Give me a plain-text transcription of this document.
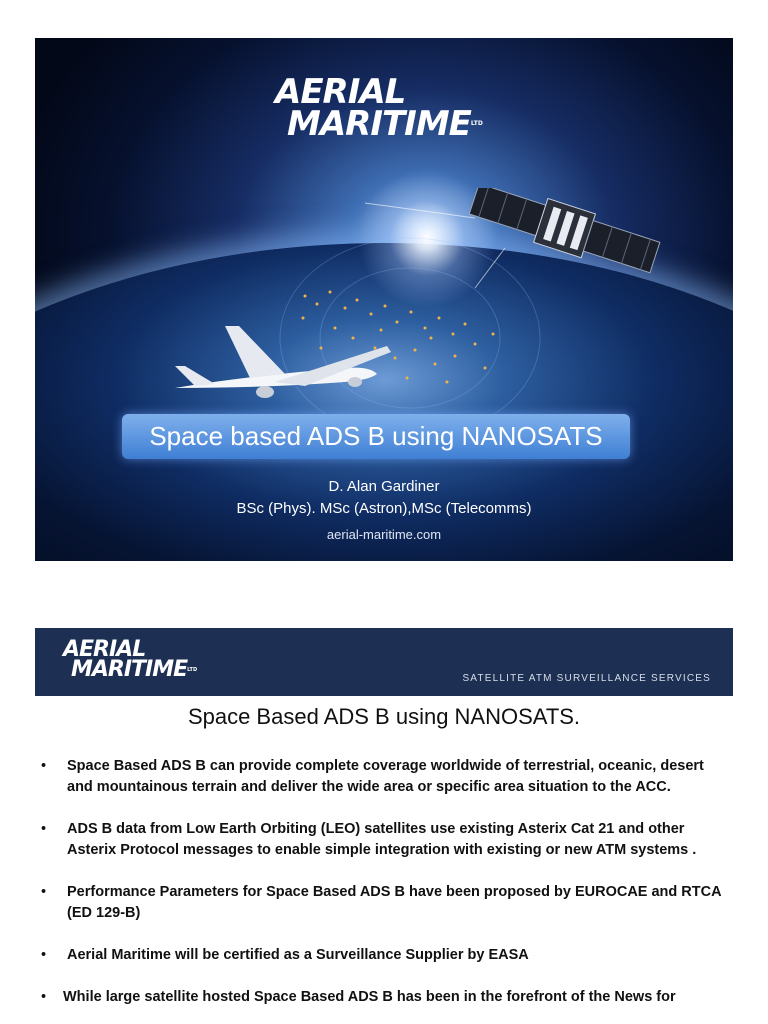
AERIAL
$MARITIME^{LTD}$
Space based ADS B using NANOSATS
D. Alan Gardiner
BSc (Phys). MSc (Astron),MSc (Telecomms)
aerial-maritime.com
AERIAL
$MARITIME^{LTD}$
SATELLITE ATM SURVEILLANCE SERVICES
Space Based ADS B using NANOSATS.
• Space Based ADS B can provide complete coverage worldwide of terrestrial, oceanic, desert and mountainous terrain and deliver the wide area or specific area situation to the ACC.
• ADS B data from Low Earth Orbiting (LEO) satellites use existing Asterix Cat 21 and other Asterix Protocol messages to enable simple integration with existing or new ATM systems .
• Performance Parameters for Space Based ADS B have been proposed by EUROCAE and RTCA (ED 129-B)
• Aerial Maritime will be certified as a Surveillance Supplier by EASA
• While large satellite hosted Space Based ADS B has been in the forefront of the News for
